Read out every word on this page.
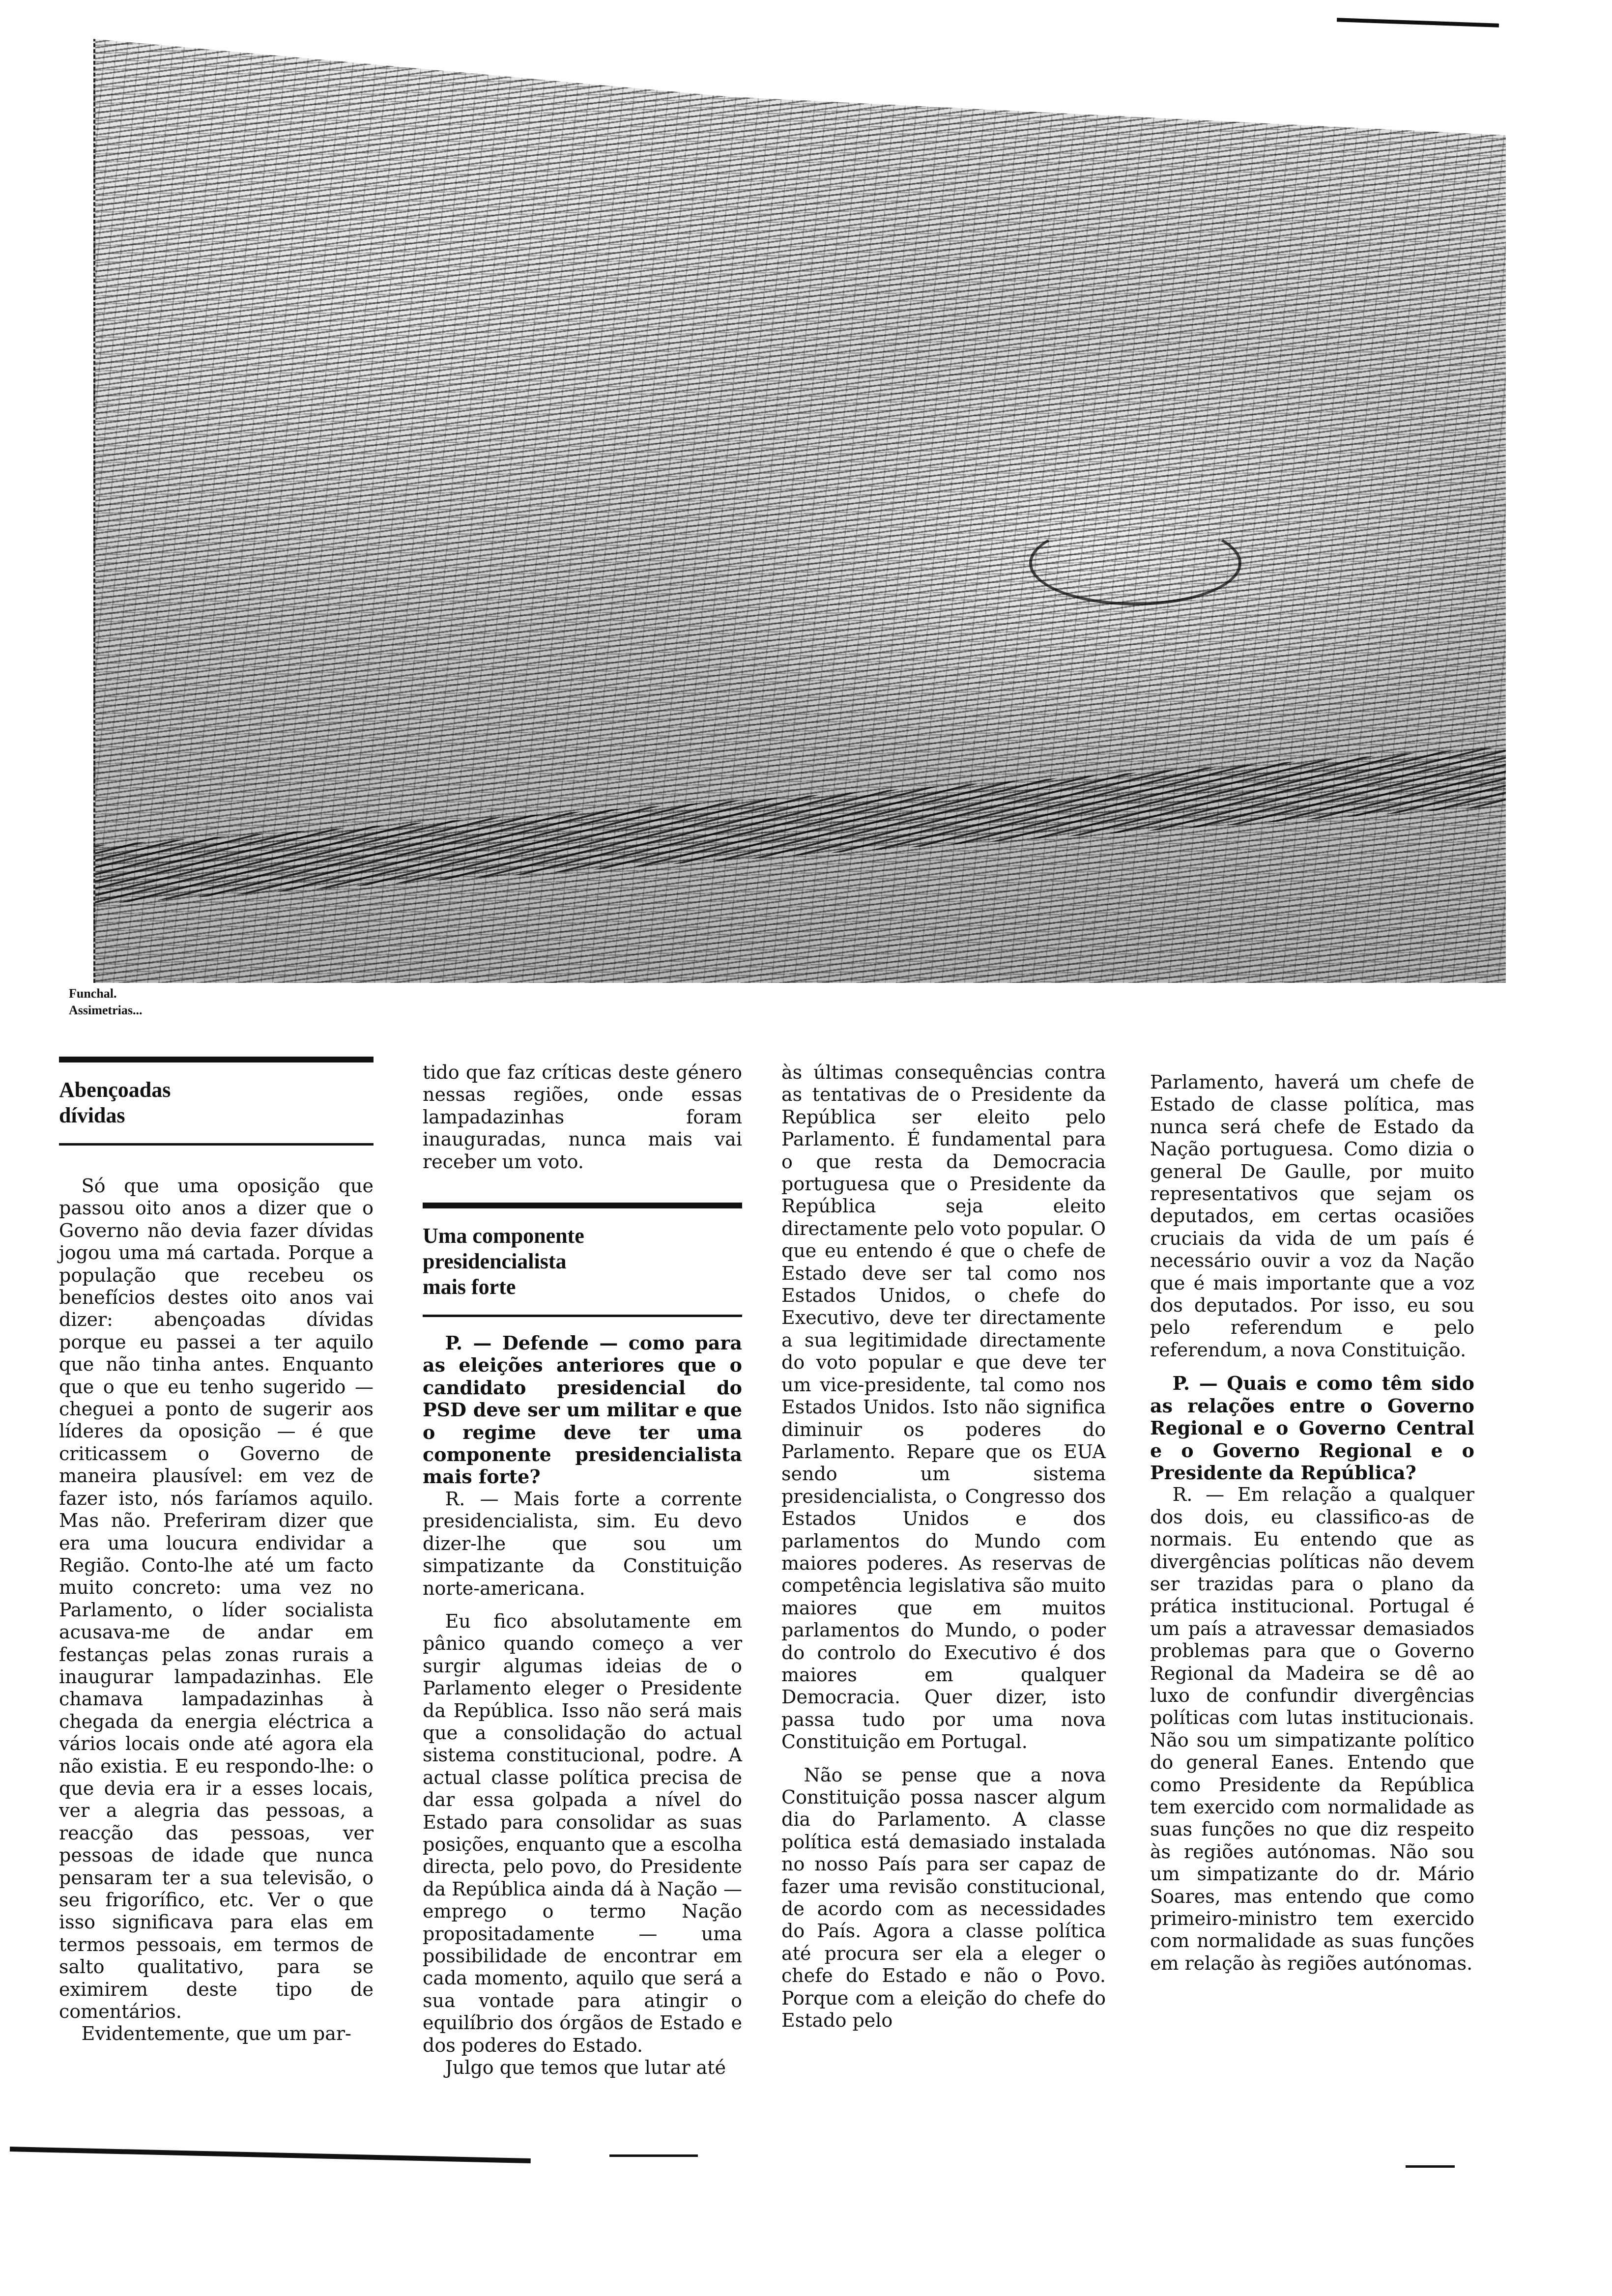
Funchal.
Assimetrias...
Abençoadas
dívidas

Só que uma oposição que passou oito anos a dizer que o Governo não devia fazer dívidas jogou uma má cartada. Porque a população que recebeu os benefícios destes oito anos vai dizer: abençoadas dívidas porque eu passei a ter aquilo que não tinha antes. Enquanto que o que eu tenho sugerido — cheguei a ponto de sugerir aos líderes da oposição — é que criticassem o Governo de maneira plausível: em vez de fazer isto, nós faríamos aquilo. Mas não. Preferiram dizer que era uma loucura endividar a Região. Conto-lhe até um facto muito concreto: uma vez no Parlamento, o líder socialista acusava-me de andar em festanças pelas zonas rurais a inaugurar lampadazinhas. Ele chamava lampadazinhas à chegada da energia eléctrica a vários locais onde até agora ela não existia. E eu respondo-lhe: o que devia era ir a esses locais, ver a alegria das pessoas, a reacção das pessoas, ver pessoas de idade que nunca pensaram ter a sua televisão, o seu frigorífico, etc. Ver o que isso significava para elas em termos pessoais, em termos de salto qualitativo, para se eximirem deste tipo de comentários.

Evidentemente, que um par-

tido que faz críticas deste género nessas regiões, onde essas lampadazinhas foram inauguradas, nunca mais vai receber um voto.

Uma componente
presidencialista
mais forte

P. — Defende — como para as eleições anteriores que o candidato presidencial do PSD deve ser um militar e que o regime deve ter uma componente presidencialista mais forte?

R. — Mais forte a corrente presidencialista, sim. Eu devo dizer-lhe que sou um simpatizante da Constituição norte-americana.

Eu fico absolutamente em pânico quando começo a ver surgir algumas ideias de o Parlamento eleger o Presidente da República. Isso não será mais que a consolidação do actual sistema constitucional, podre. A actual classe política precisa de dar essa golpada a nível do Estado para consolidar as suas posições, enquanto que a escolha directa, pelo povo, do Presidente da República ainda dá à Nação — emprego o termo Nação propositadamente — uma possibilidade de encontrar em cada momento, aquilo que será a sua vontade para atingir o equilíbrio dos órgãos de Estado e dos poderes do Estado.

Julgo que temos que lutar até

às últimas consequências contra as tentativas de o Presidente da República ser eleito pelo Parlamento. É fundamental para o que resta da Democracia portuguesa que o Presidente da República seja eleito directamente pelo voto popular. O que eu entendo é que o chefe de Estado deve ser tal como nos Estados Unidos, o chefe do Executivo, deve ter directamente a sua legitimidade directamente do voto popular e que deve ter um vice-presidente, tal como nos Estados Unidos. Isto não significa diminuir os poderes do Parlamento. Repare que os EUA sendo um sistema presidencialista, o Congresso dos Estados Unidos e dos parlamentos do Mundo com maiores poderes. As reservas de competência legislativa são muito maiores que em muitos parlamentos do Mundo, o poder do controlo do Executivo é dos maiores em qualquer Democracia. Quer dizer, isto passa tudo por uma nova Constituição em Portugal.

Não se pense que a nova Constituição possa nascer algum dia do Parlamento. A classe política está demasiado instalada no nosso País para ser capaz de fazer uma revisão constitucional, de acordo com as necessidades do País. Agora a classe política até procura ser ela a eleger o chefe do Estado e não o Povo. Porque com a eleição do chefe do Estado pelo

Parlamento, haverá um chefe de Estado de classe política, mas nunca será chefe de Estado da Nação portuguesa. Como dizia o general De Gaulle, por muito representativos que sejam os deputados, em certas ocasiões cruciais da vida de um país é necessário ouvir a voz da Nação que é mais importante que a voz dos deputados. Por isso, eu sou pelo referendum e pelo referendum, a nova Constituição.

P. — Quais e como têm sido as relações entre o Governo Regional e o Governo Central e o Governo Regional e o Presidente da República?

R. — Em relação a qualquer dos dois, eu classifico-as de normais. Eu entendo que as divergências políticas não devem ser trazidas para o plano da prática institucional. Portugal é um país a atravessar demasiados problemas para que o Governo Regional da Madeira se dê ao luxo de confundir divergências políticas com lutas institucionais. Não sou um simpatizante político do general Eanes. Entendo que como Presidente da República tem exercido com normalidade as suas funções no que diz respeito às regiões autónomas. Não sou um simpatizante do dr. Mário Soares, mas entendo que como primeiro-ministro tem exercido com normalidade as suas funções em relação às regiões autónomas.
